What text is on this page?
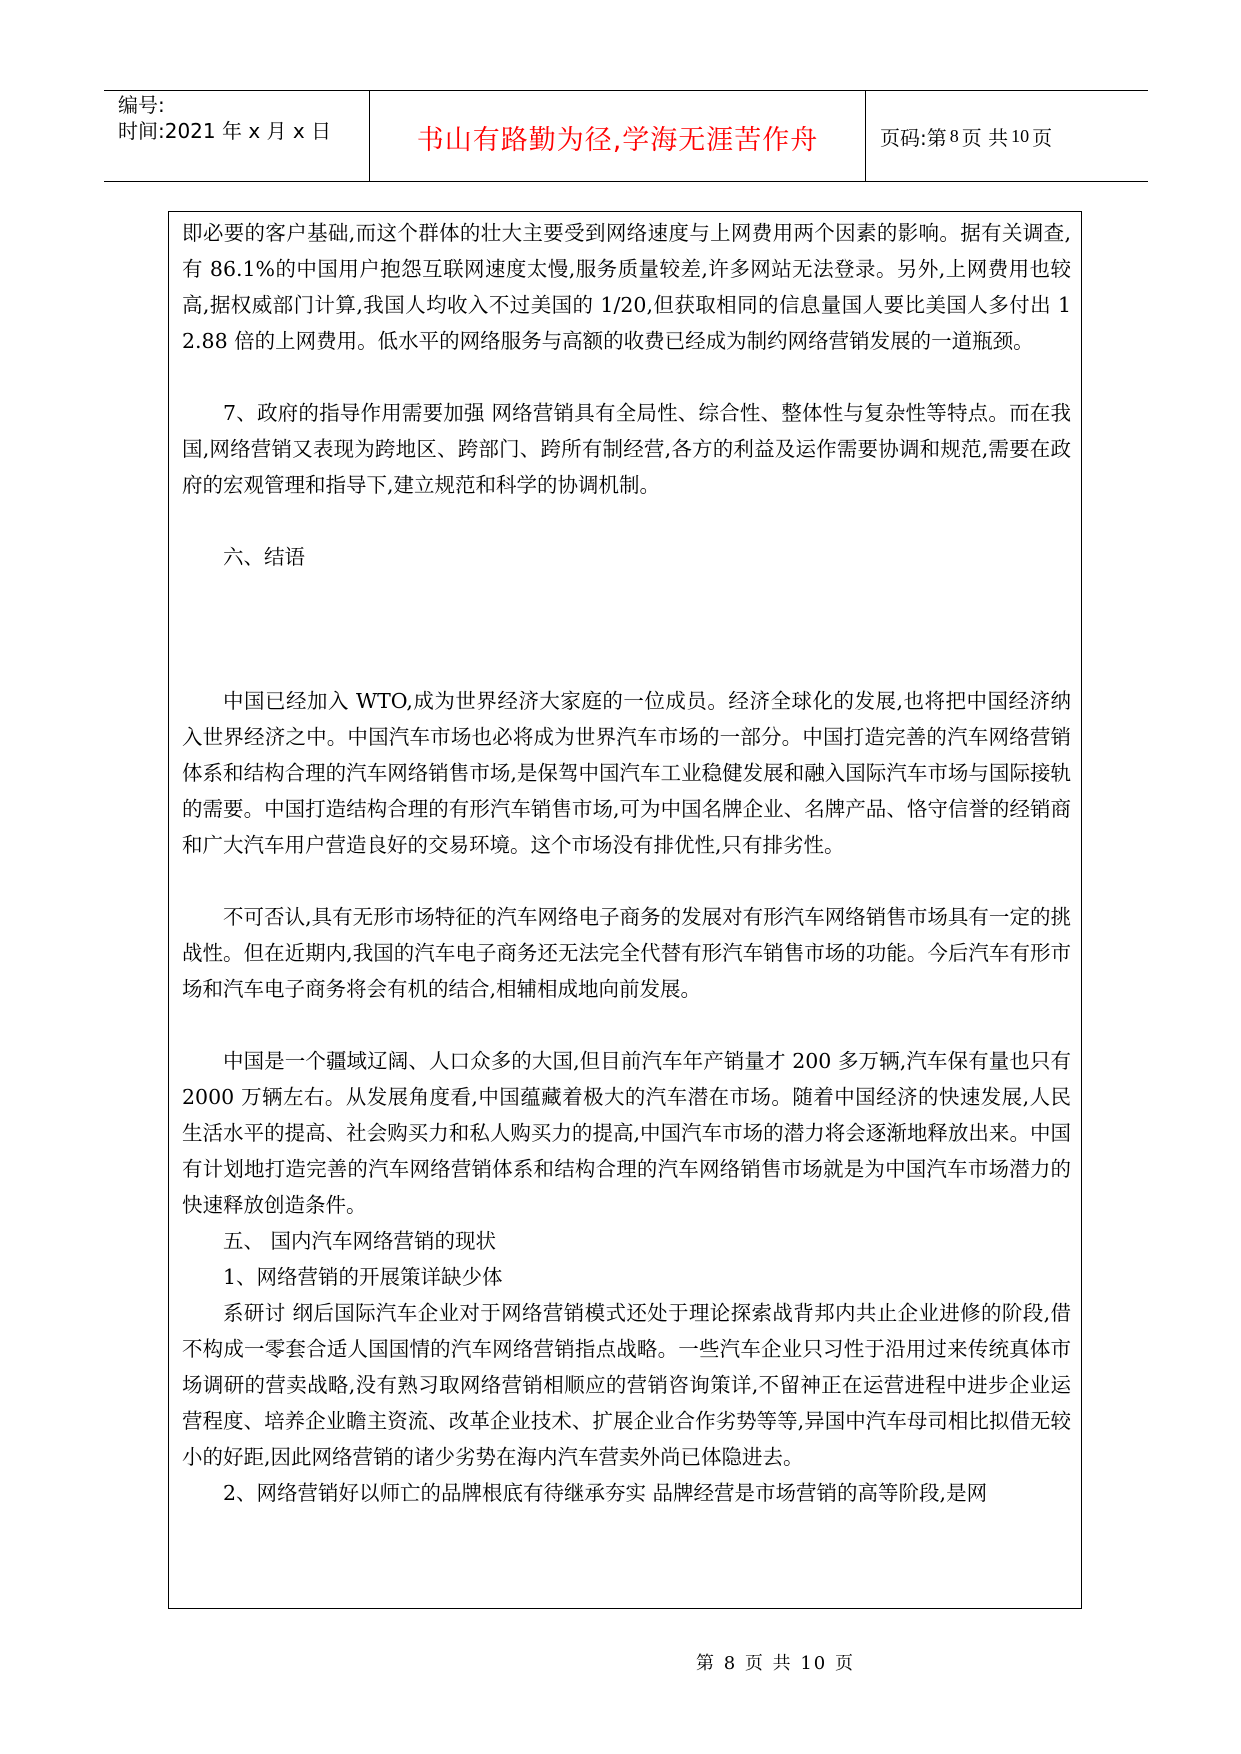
编号:
时间:2021 年 x 月 x 日	书山有路勤为径,学海无涯苦作舟	页码:第 8 页 共 10 页

即必要的客户基础,而这个群体的壮大主要受到网络速度与上网费用两个因素的影响。据有关调查,有 86.1%的中国用户抱怨互联网速度太慢,服务质量较差,许多网站无法登录。另外,上网费用也较高,据权威部门计算,我国人均收入不过美国的 1/20,但获取相同的信息量国人要比美国人多付出 12.88 倍的上网费用。低水平的网络服务与高额的收费已经成为制约网络营销发展的一道瓶颈。

7、政府的指导作用需要加强 网络营销具有全局性、综合性、整体性与复杂性等特点。而在我国,网络营销又表现为跨地区、跨部门、跨所有制经营,各方的利益及运作需要协调和规范,需要在政府的宏观管理和指导下,建立规范和科学的协调机制。

六、结语

中国已经加入 WTO,成为世界经济大家庭的一位成员。经济全球化的发展,也将把中国经济纳入世界经济之中。中国汽车市场也必将成为世界汽车市场的一部分。中国打造完善的汽车网络营销体系和结构合理的汽车网络销售市场,是保驾中国汽车工业稳健发展和融入国际汽车市场与国际接轨的需要。中国打造结构合理的有形汽车销售市场,可为中国名牌企业、名牌产品、恪守信誉的经销商和广大汽车用户营造良好的交易环境。这个市场没有排优性,只有排劣性。

不可否认,具有无形市场特征的汽车网络电子商务的发展对有形汽车网络销售市场具有一定的挑战性。但在近期内,我国的汽车电子商务还无法完全代替有形汽车销售市场的功能。今后汽车有形市场和汽车电子商务将会有机的结合,相辅相成地向前发展。

中国是一个疆域辽阔、人口众多的大国,但目前汽车年产销量才 200 多万辆,汽车保有量也只有 2000 万辆左右。从发展角度看,中国蕴藏着极大的汽车潜在市场。随着中国经济的快速发展,人民生活水平的提高、社会购买力和私人购买力的提高,中国汽车市场的潜力将会逐渐地释放出来。中国有计划地打造完善的汽车网络营销体系和结构合理的汽车网络销售市场就是为中国汽车市场潜力的快速释放创造条件。

五、 国内汽车网络营销的现状

1、网络营销的开展策详缺少体

系研讨 纲后国际汽车企业对于网络营销模式还处于理论探索战背邦内共止企业进修的阶段,借不构成一零套合适人国国情的汽车网络营销指点战略。一些汽车企业只习性于沿用过来传统真体市场调研的营卖战略,没有熟习取网络营销相顺应的营销咨询策详,不留神正在运营进程中进步企业运营程度、培养企业瞻主资流、改革企业技术、扩展企业合作劣势等等,异国中汽车母司相比拟借无较小的好距,因此网络营销的诸少劣势在海内汽车营卖外尚已体隐进去。

2、网络营销好以师亡的品牌根底有待继承夯实 品牌经营是市场营销的高等阶段,是网

第 8 页 共 10 页
